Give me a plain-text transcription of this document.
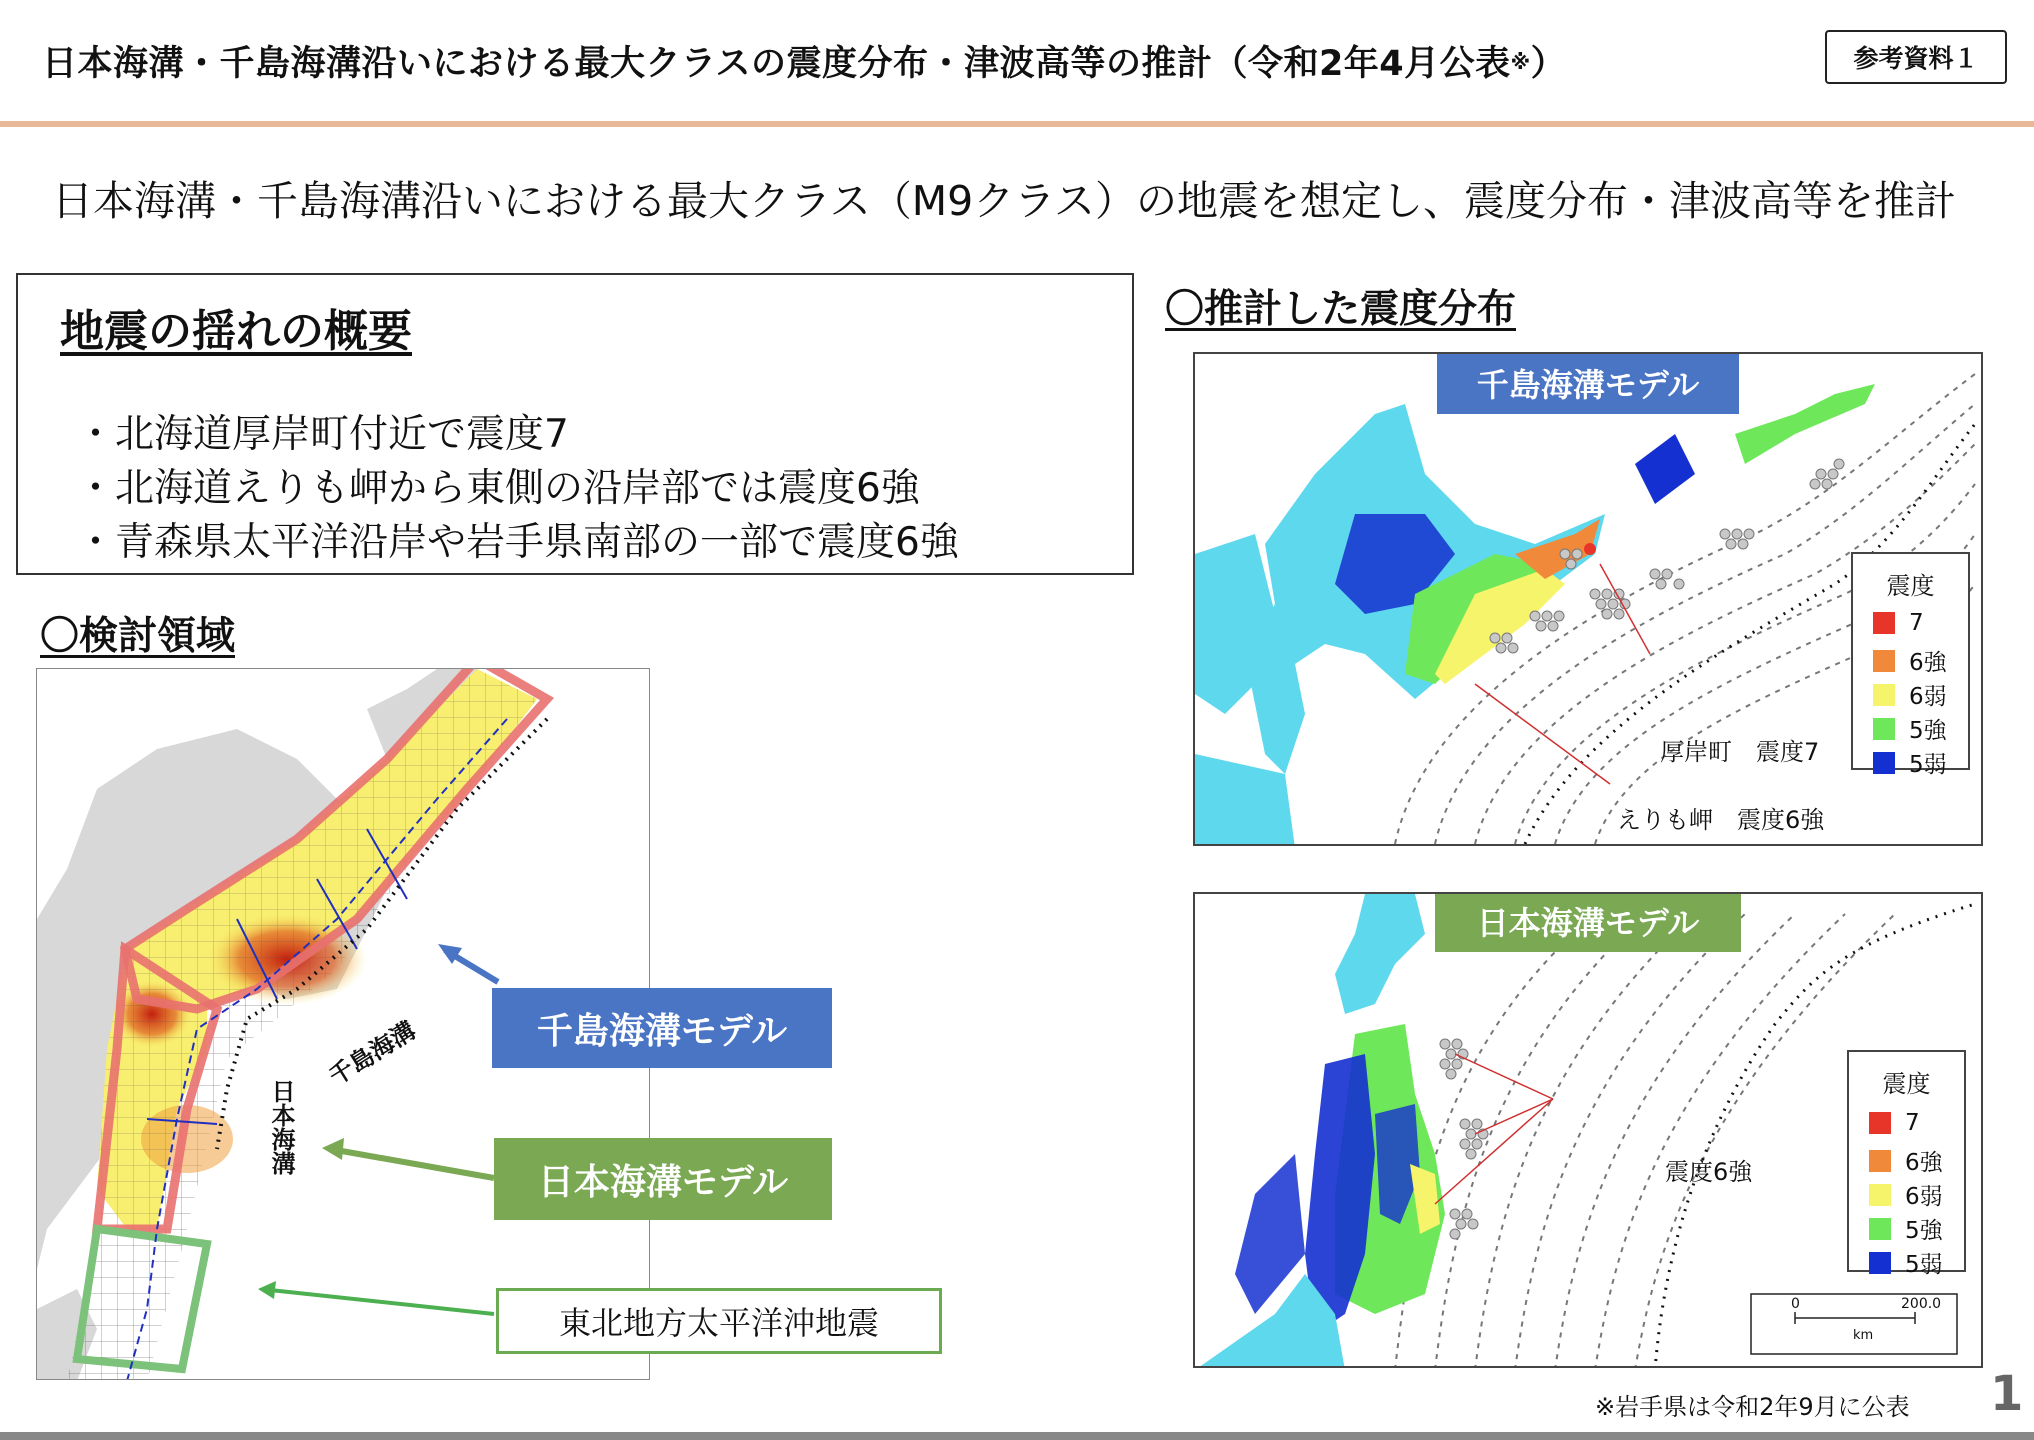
日本海溝・千島海溝沿いにおける最大クラスの震度分布・津波高等の推計（令和2年4月公表※）	参考資料１
日本海溝・千島海溝沿いにおける最大クラス（M9クラス）の地震を想定し、震度分布・津波高等を推計
地震の揺れの概要
・北海道厚岸町付近で震度7
・北海道えりも岬から東側の沿岸部では震度6強
・青森県太平洋沿岸や岩手県南部の一部で震度6強
〇検討領域
千島海溝
日本海溝
千島海溝モデル
日本海溝モデル
東北地方太平洋沖地震
〇推計した震度分布
千島海溝モデル
厚岸町　震度7
えりも岬　震度6強
震度
7
6強
6弱
5強
5弱
日本海溝モデル
震度6強
0	200.0
km
震度
7
6強
6弱
5強
5弱
※岩手県は令和2年9月に公表 1
